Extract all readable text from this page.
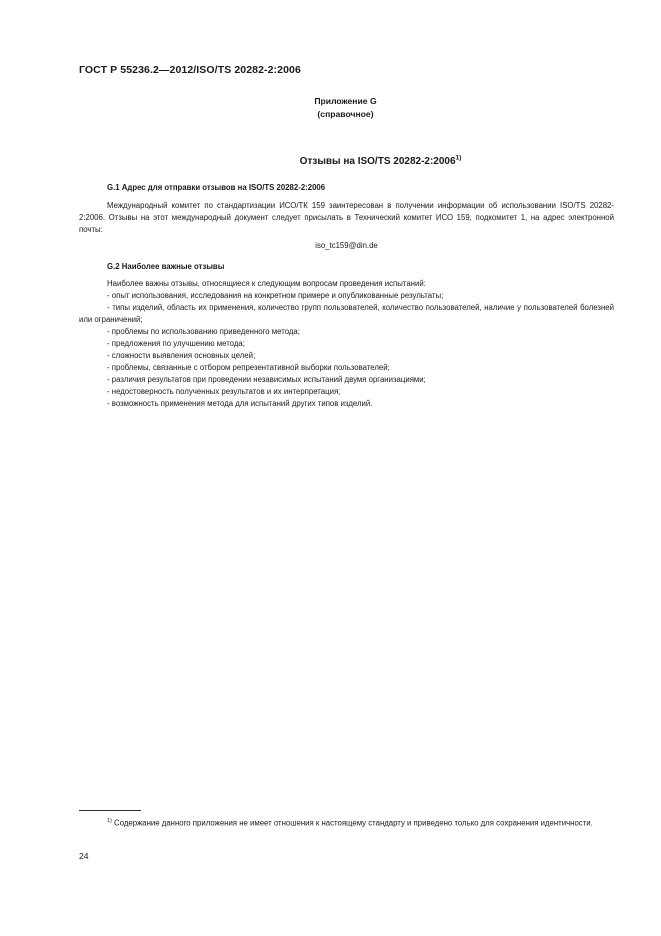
ГОСТ Р 55236.2—2012/ISO/TS 20282-2:2006
Приложение G
(справочное)
Отзывы на ISO/TS 20282-2:2006$^{1)}$
G.1 Адрес для отправки отзывов на ISO/TS 20282-2:2006
Международный комитет по стандартизации ИСО/ТК 159 заинтересован в получении информации об использовании ISO/TS 20282-2:2006. Отзывы на этот международный документ следует присылать в Технический комитет ИСО 159, подкомитет 1, на адрес электронной почты:
iso_tc159@din.de
G.2 Наиболее важные отзывы
Наиболее важны отзывы, относящиеся к следующим вопросам проведения испытаний:
- опыт использования, исследования на конкретном примере и опубликованные результаты;
- типы изделий, область их применения, количество групп пользователей, количество пользователей, наличие у пользователей болезней или ограничений;
- проблемы по использованию приведенного метода;
- предложения по улучшению метода;
- сложности выявления основных целей;
- проблемы, связанные с отбором репрезентативной выборки пользователей;
- различия результатов при проведении независимых испытаний двумя организациями;
- недостоверность полученных результатов и их интерпретация;
- возможность применения метода для испытаний других типов изделий.
$^{1)}$ Содержание данного приложения не имеет отношения к настоящему стандарту и приведено только для сохранения идентичности.
24
